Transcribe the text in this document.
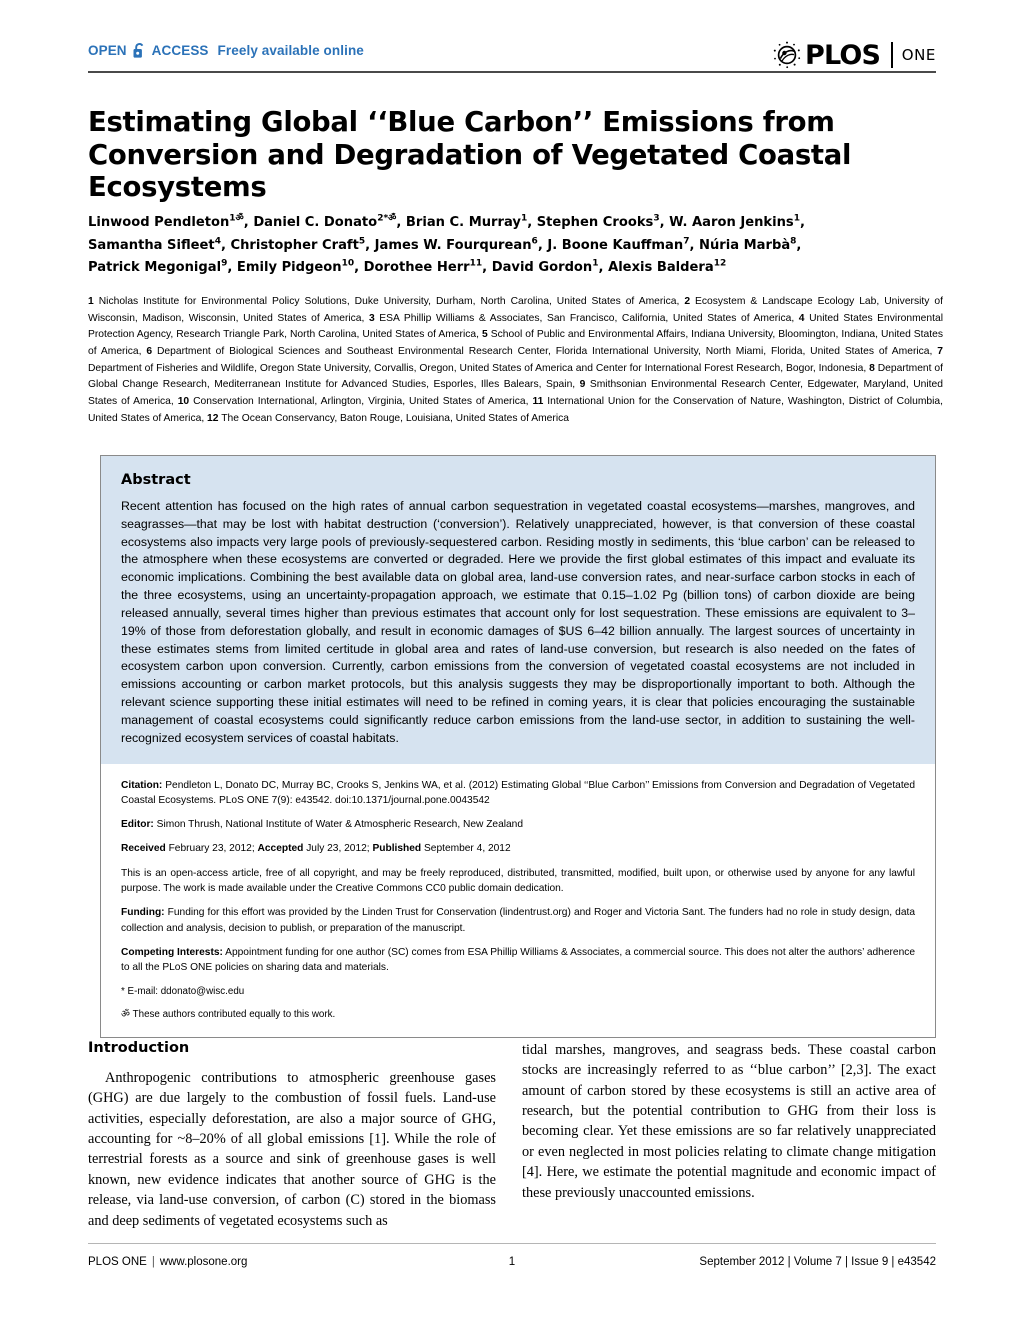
OPEN ACCESS Freely available online	PLOS ONE
Estimating Global ‘‘Blue Carbon’’ Emissions from Conversion and Degradation of Vegetated Coastal Ecosystems
Linwood Pendleton$^{1ॐ}$, Daniel C. Donato$^{2*ॐ}$, Brian C. Murray$^1$, Stephen Crooks$^3$, W. Aaron Jenkins$^1$,
Samantha Sifleet$^4$, Christopher Craft$^5$, James W. Fourqurean$^6$, J. Boone Kauffman$^7$, Núria Marbà$^8$,
Patrick Megonigal$^9$, Emily Pidgeon$^{10}$, Dorothee Herr$^{11}$, David Gordon$^1$, Alexis Baldera$^{12}$
1 Nicholas Institute for Environmental Policy Solutions, Duke University, Durham, North Carolina, United States of America, 2 Ecosystem & Landscape Ecology Lab, University of Wisconsin, Madison, Wisconsin, United States of America, 3 ESA Phillip Williams & Associates, San Francisco, California, United States of America, 4 United States Environmental Protection Agency, Research Triangle Park, North Carolina, United States of America, 5 School of Public and Environmental Affairs, Indiana University, Bloomington, Indiana, United States of America, 6 Department of Biological Sciences and Southeast Environmental Research Center, Florida International University, North Miami, Florida, United States of America, 7 Department of Fisheries and Wildlife, Oregon State University, Corvallis, Oregon, United States of America and Center for International Forest Research, Bogor, Indonesia, 8 Department of Global Change Research, Mediterranean Institute for Advanced Studies, Esporles, Illes Balears, Spain, 9 Smithsonian Environmental Research Center, Edgewater, Maryland, United States of America, 10 Conservation International, Arlington, Virginia, United States of America, 11 International Union for the Conservation of Nature, Washington, District of Columbia, United States of America, 12 The Ocean Conservancy, Baton Rouge, Louisiana, United States of America
Abstract

Recent attention has focused on the high rates of annual carbon sequestration in vegetated coastal ecosystems—marshes, mangroves, and seagrasses—that may be lost with habitat destruction (‘conversion’). Relatively unappreciated, however, is that conversion of these coastal ecosystems also impacts very large pools of previously-sequestered carbon. Residing mostly in sediments, this ‘blue carbon’ can be released to the atmosphere when these ecosystems are converted or degraded. Here we provide the first global estimates of this impact and evaluate its economic implications. Combining the best available data on global area, land-use conversion rates, and near-surface carbon stocks in each of the three ecosystems, using an uncertainty-propagation approach, we estimate that 0.15–1.02 Pg (billion tons) of carbon dioxide are being released annually, several times higher than previous estimates that account only for lost sequestration. These emissions are equivalent to 3–19% of those from deforestation globally, and result in economic damages of $US 6–42 billion annually. The largest sources of uncertainty in these estimates stems from limited certitude in global area and rates of land-use conversion, but research is also needed on the fates of ecosystem carbon upon conversion. Currently, carbon emissions from the conversion of vegetated coastal ecosystems are not included in emissions accounting or carbon market protocols, but this analysis suggests they may be disproportionally important to both. Although the relevant science supporting these initial estimates will need to be refined in coming years, it is clear that policies encouraging the sustainable management of coastal ecosystems could significantly reduce carbon emissions from the land-use sector, in addition to sustaining the well-recognized ecosystem services of coastal habitats.

Citation: Pendleton L, Donato DC, Murray BC, Crooks S, Jenkins WA, et al. (2012) Estimating Global ‘‘Blue Carbon’’ Emissions from Conversion and Degradation of Vegetated Coastal Ecosystems. PLoS ONE 7(9): e43542. doi:10.1371/journal.pone.0043542

Editor: Simon Thrush, National Institute of Water & Atmospheric Research, New Zealand

Received February 23, 2012; Accepted July 23, 2012; Published September 4, 2012

This is an open-access article, free of all copyright, and may be freely reproduced, distributed, transmitted, modified, built upon, or otherwise used by anyone for any lawful purpose. The work is made available under the Creative Commons CC0 public domain dedication.

Funding: Funding for this effort was provided by the Linden Trust for Conservation (lindentrust.org) and Roger and Victoria Sant. The funders had no role in study design, data collection and analysis, decision to publish, or preparation of the manuscript.

Competing Interests: Appointment funding for one author (SC) comes from ESA Phillip Williams & Associates, a commercial source. This does not alter the authors’ adherence to all the PLoS ONE policies on sharing data and materials.

* E-mail: ddonato@wisc.edu

ॐ These authors contributed equally to this work.

Introduction

Anthropogenic contributions to atmospheric greenhouse gases (GHG) are due largely to the combustion of fossil fuels. Land-use activities, especially deforestation, are also a major source of GHG, accounting for ~8–20% of all global emissions [1]. While the role of terrestrial forests as a source and sink of greenhouse gases is well known, new evidence indicates that another source of GHG is the release, via land-use conversion, of carbon (C) stored in the biomass and deep sediments of vegetated ecosystems such as

tidal marshes, mangroves, and seagrass beds. These coastal carbon stocks are increasingly referred to as ‘‘blue carbon’’ [2,3]. The exact amount of carbon stored by these ecosystems is still an active area of research, but the potential contribution to GHG from their loss is becoming clear. Yet these emissions are so far relatively unappreciated or even neglected in most policies relating to climate change mitigation [4]. Here, we estimate the potential magnitude and economic impact of these previously unaccounted emissions.

PLOS ONE | www.plosone.org	1	September 2012 | Volume 7 | Issue 9 | e43542
